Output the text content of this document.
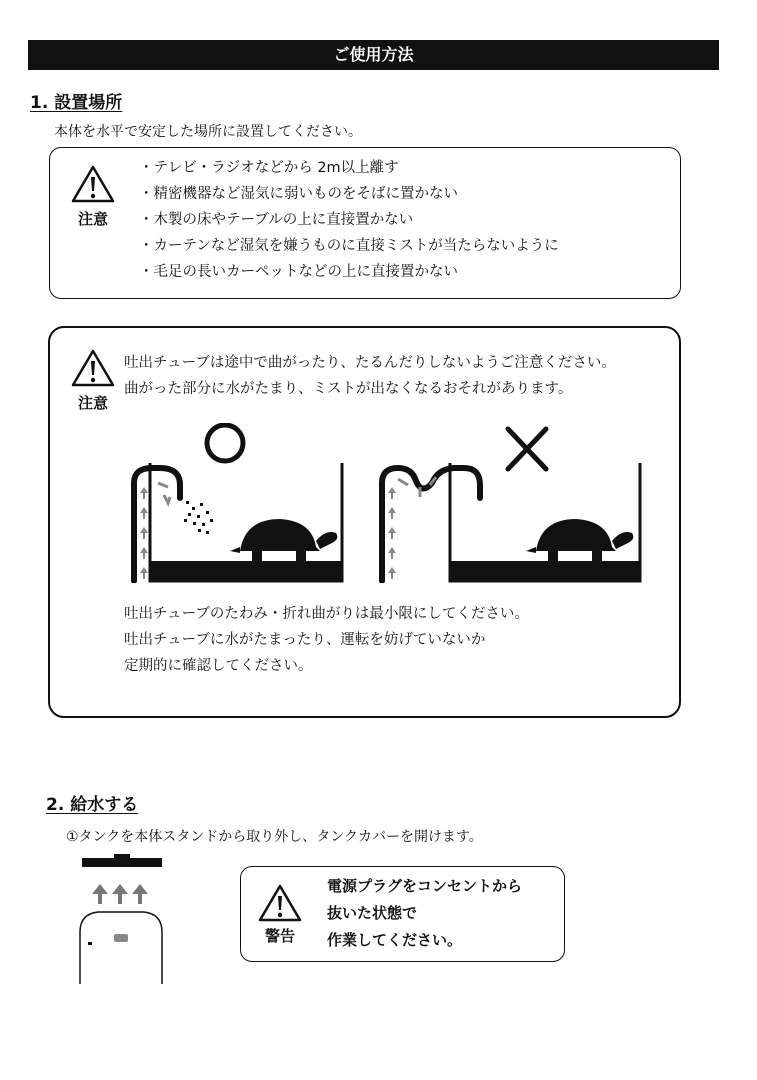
ご使用方法
1. 設置場所
本体を水平で安定した場所に設置してください。
注意
・テレビ・ラジオなどから 2m以上離す
・精密機器など湿気に弱いものをそばに置かない
・木製の床やテーブルの上に直接置かない
・カーテンなど湿気を嫌うものに直接ミストが当たらないように
・毛足の長いカーペットなどの上に直接置かない
注意
吐出チューブは途中で曲がったり、たるんだりしないようご注意ください。
曲がった部分に水がたまり、ミストが出なくなるおそれがあります。
吐出チューブのたわみ・折れ曲がりは最小限にしてください。
吐出チューブに水がたまったり、運転を妨げていないか
定期的に確認してください。
2. 給水する
①タンクを本体スタンドから取り外し、タンクカバーを開けます。
警告
電源プラグをコンセントから
抜いた状態で
作業してください。
